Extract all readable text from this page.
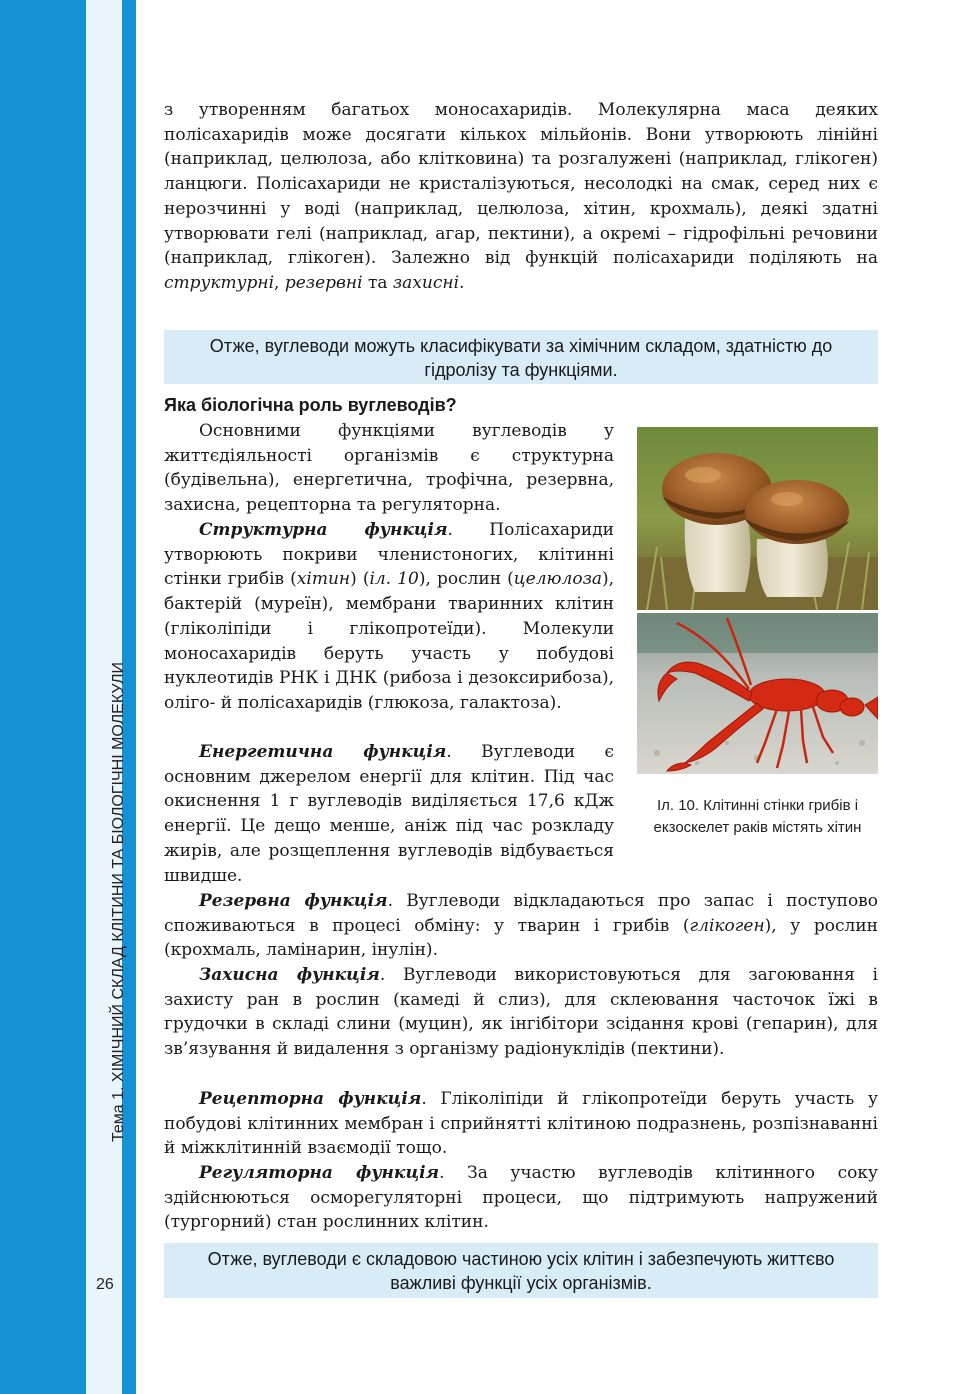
Тема 1. ХІМІЧНИЙ СКЛАД КЛІТИНИ ТА БІОЛОГІЧНІ МОЛЕКУЛИ
26

з утворенням багатьох моносахаридів. Молекулярна маса деяких полісахаридів може досягати кількох мільйонів. Вони утворюють лінійні (наприклад, целюлоза, або клітковина) та розгалужені (наприклад, глікоген) ланцюги. Полісахариди не кристалізуються, несолодкі на смак, серед них є нерозчинні у воді (наприклад, целюлоза, хітин, крохмаль), деякі здатні утворювати гелі (наприклад, агар, пектини), а окремі – гідрофільні речовини (наприклад, глікоген). Залежно від функцій полісахариди поділяють на структурні, резервні та захисні.

Отже, вуглеводи можуть класифікувати за хімічним складом, здатністю до гідролізу та функціями.
Яка біологічна роль вуглеводів?

Основними функціями вуглеводів у життєдіяльності організмів є структурна (будівельна), енергетична, трофічна, резервна, захисна, рецепторна та регуляторна.

Структурна функція. Полісахариди утворюють покриви членистоногих, клітинні стінки грибів (хітин) (іл. 10), рослин (целюлоза), бактерій (муреїн), мембрани тваринних клітин (гліколіпіди і глікопротеїди). Молекули моносахаридів беруть участь у побудові нуклеотидів РНК і ДНК (рибоза і дезоксирибоза), оліго- й полісахаридів (глюкоза, галактоза).

Енергетична функція. Вуглеводи є основним джерелом енергії для клітин. Під час окиснення 1 г вуглеводів виділяється 17,6 кДж енергії. Це дещо менше, аніж під час розкладу жирів, але розщеплення вуглеводів відбувається швидше.

Іл. 10. Клітинні стінки грибів і екзоскелет раків містять хітин

Резервна функція. Вуглеводи відкладаються про запас і поступово споживаються в процесі обміну: у тварин і грибів (глікоген), у рослин (крохмаль, ламінарин, інулін).

Захисна функція. Вуглеводи використовуються для загоювання і захисту ран в рослин (камеді й слиз), для склеювання часточок їжі в грудочки в складі слини (муцин), як інгібітори зсідання крові (гепарин), для зв’язування й видалення з організму радіонуклідів (пектини).

Рецепторна функція. Гліколіпіди й глікопротеїди беруть участь у побудові клітинних мембран і сприйнятті клітиною подразнень, розпізнаванні й міжклітинній взаємодії тощо.

Регуляторна функція. За участю вуглеводів клітинного соку здійснюються осморегуляторні процеси, що підтримують напружений (тургорний) стан рослинних клітин.

Отже, вуглеводи є складовою частиною усіх клітин і забезпечують життєво важливі функції усіх організмів.
